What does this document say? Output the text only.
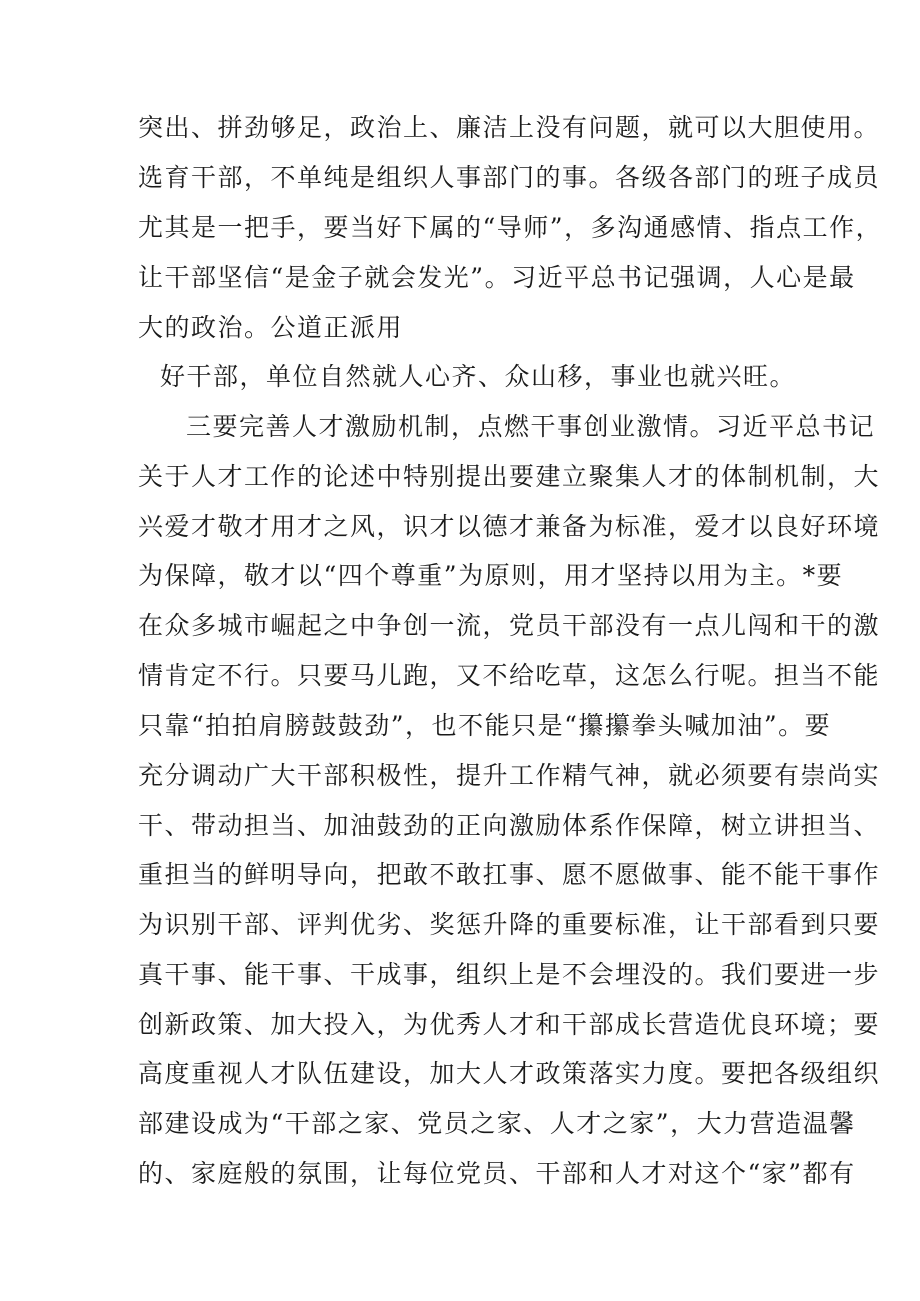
突出、拼劲够足，政治上、廉洁上没有问题，就可以大胆使用。
选育干部，不单纯是组织人事部门的事。各级各部门的班子成员
尤其是一把手，要当好下属的“导师”，多沟通感情、指点工作，
让干部坚信“是金子就会发光”。习近平总书记强调，人心是最
大的政治。公道正派用
好干部，单位自然就人心齐、众山移，事业也就兴旺。
三要完善人才激励机制，点燃干事创业激情。习近平总书记
关于人才工作的论述中特别提出要建立聚集人才的体制机制，大
兴爱才敬才用才之风，识才以德才兼备为标准，爱才以良好环境
为保障，敬才以“四个尊重”为原则，用才坚持以用为主。*要
在众多城市崛起之中争创一流，党员干部没有一点儿闯和干的激
情肯定不行。只要马儿跑，又不给吃草，这怎么行呢。担当不能
只靠“拍拍肩膀鼓鼓劲”，也不能只是“攥攥拳头喊加油”。要
充分调动广大干部积极性，提升工作精气神，就必须要有崇尚实
干、带动担当、加油鼓劲的正向激励体系作保障，树立讲担当、
重担当的鲜明导向，把敢不敢扛事、愿不愿做事、能不能干事作
为识别干部、评判优劣、奖惩升降的重要标准，让干部看到只要
真干事、能干事、干成事，组织上是不会埋没的。我们要进一步
创新政策、加大投入，为优秀人才和干部成长营造优良环境；要
高度重视人才队伍建设，加大人才政策落实力度。要把各级组织
部建设成为“干部之家、党员之家、人才之家”，大力营造温馨
的、家庭般的氛围，让每位党员、干部和人才对这个“家”都有
